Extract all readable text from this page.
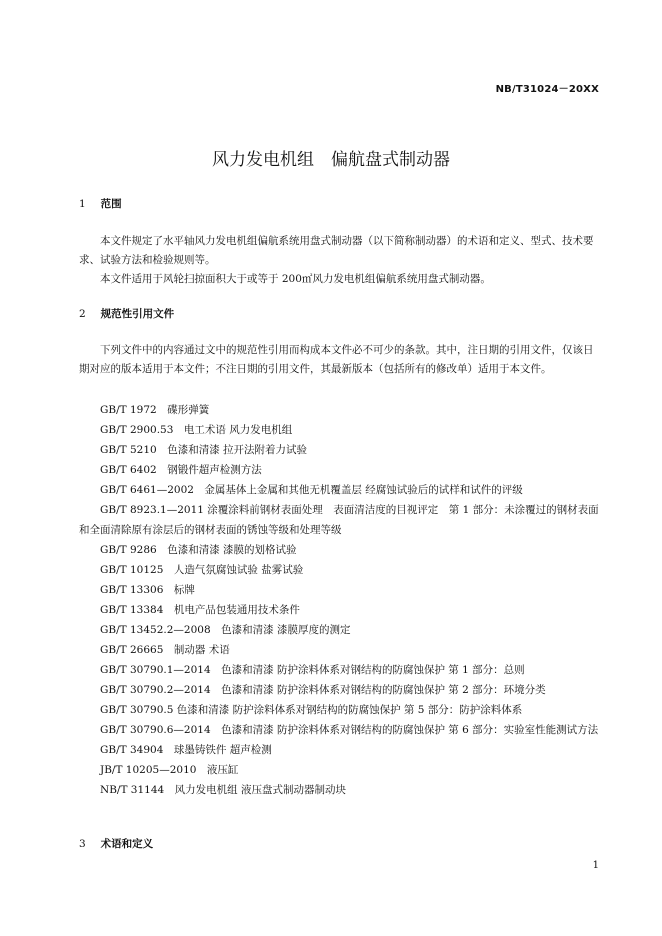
NB/T31024－20XX
风力发电机组　偏航盘式制动器
1 范围
本文件规定了水平轴风力发电机组偏航系统用盘式制动器（以下简称制动器）的术语和定义、型式、技术要求、试验方法和检验规则等。
本文件适用于风轮扫掠面积大于或等于 200㎡风力发电机组偏航系统用盘式制动器。
2 规范性引用文件
下列文件中的内容通过文中的规范性引用而构成本文件必不可少的条款。其中，注日期的引用文件，仅该日期对应的版本适用于本文件；不注日期的引用文件，其最新版本（包括所有的修改单）适用于本文件。
GB/T 1972　碟形弹簧
GB/T 2900.53　电工术语 风力发电机组
GB/T 5210　色漆和清漆 拉开法附着力试验
GB/T 6402　钢锻件超声检测方法
GB/T 6461—2002　金属基体上金属和其他无机覆盖层 经腐蚀试验后的试样和试件的评级
GB/T 8923.1—2011 涂覆涂料前钢材表面处理　表面清洁度的目视评定　第 1 部分：未涂覆过的钢材表面和全面清除原有涂层后的钢材表面的锈蚀等级和处理等级
GB/T 9286　色漆和清漆 漆膜的划格试验
GB/T 10125　人造气氛腐蚀试验 盐雾试验
GB/T 13306　标牌
GB/T 13384　机电产品包装通用技术条件
GB/T 13452.2—2008　色漆和清漆 漆膜厚度的测定
GB/T 26665　制动器 术语
GB/T 30790.1—2014　色漆和清漆 防护涂料体系对钢结构的防腐蚀保护 第 1 部分：总则
GB/T 30790.2—2014　色漆和清漆 防护涂料体系对钢结构的防腐蚀保护 第 2 部分：环境分类
GB/T 30790.5 色漆和清漆 防护涂料体系对钢结构的防腐蚀保护 第 5 部分：防护涂料体系
GB/T 30790.6—2014　色漆和清漆 防护涂料体系对钢结构的防腐蚀保护 第 6 部分：实验室性能测试方法
GB/T 34904　球墨铸铁件 超声检测
JB/T 10205—2010　液压缸
NB/T 31144　风力发电机组 液压盘式制动器制动块
3 术语和定义
1
